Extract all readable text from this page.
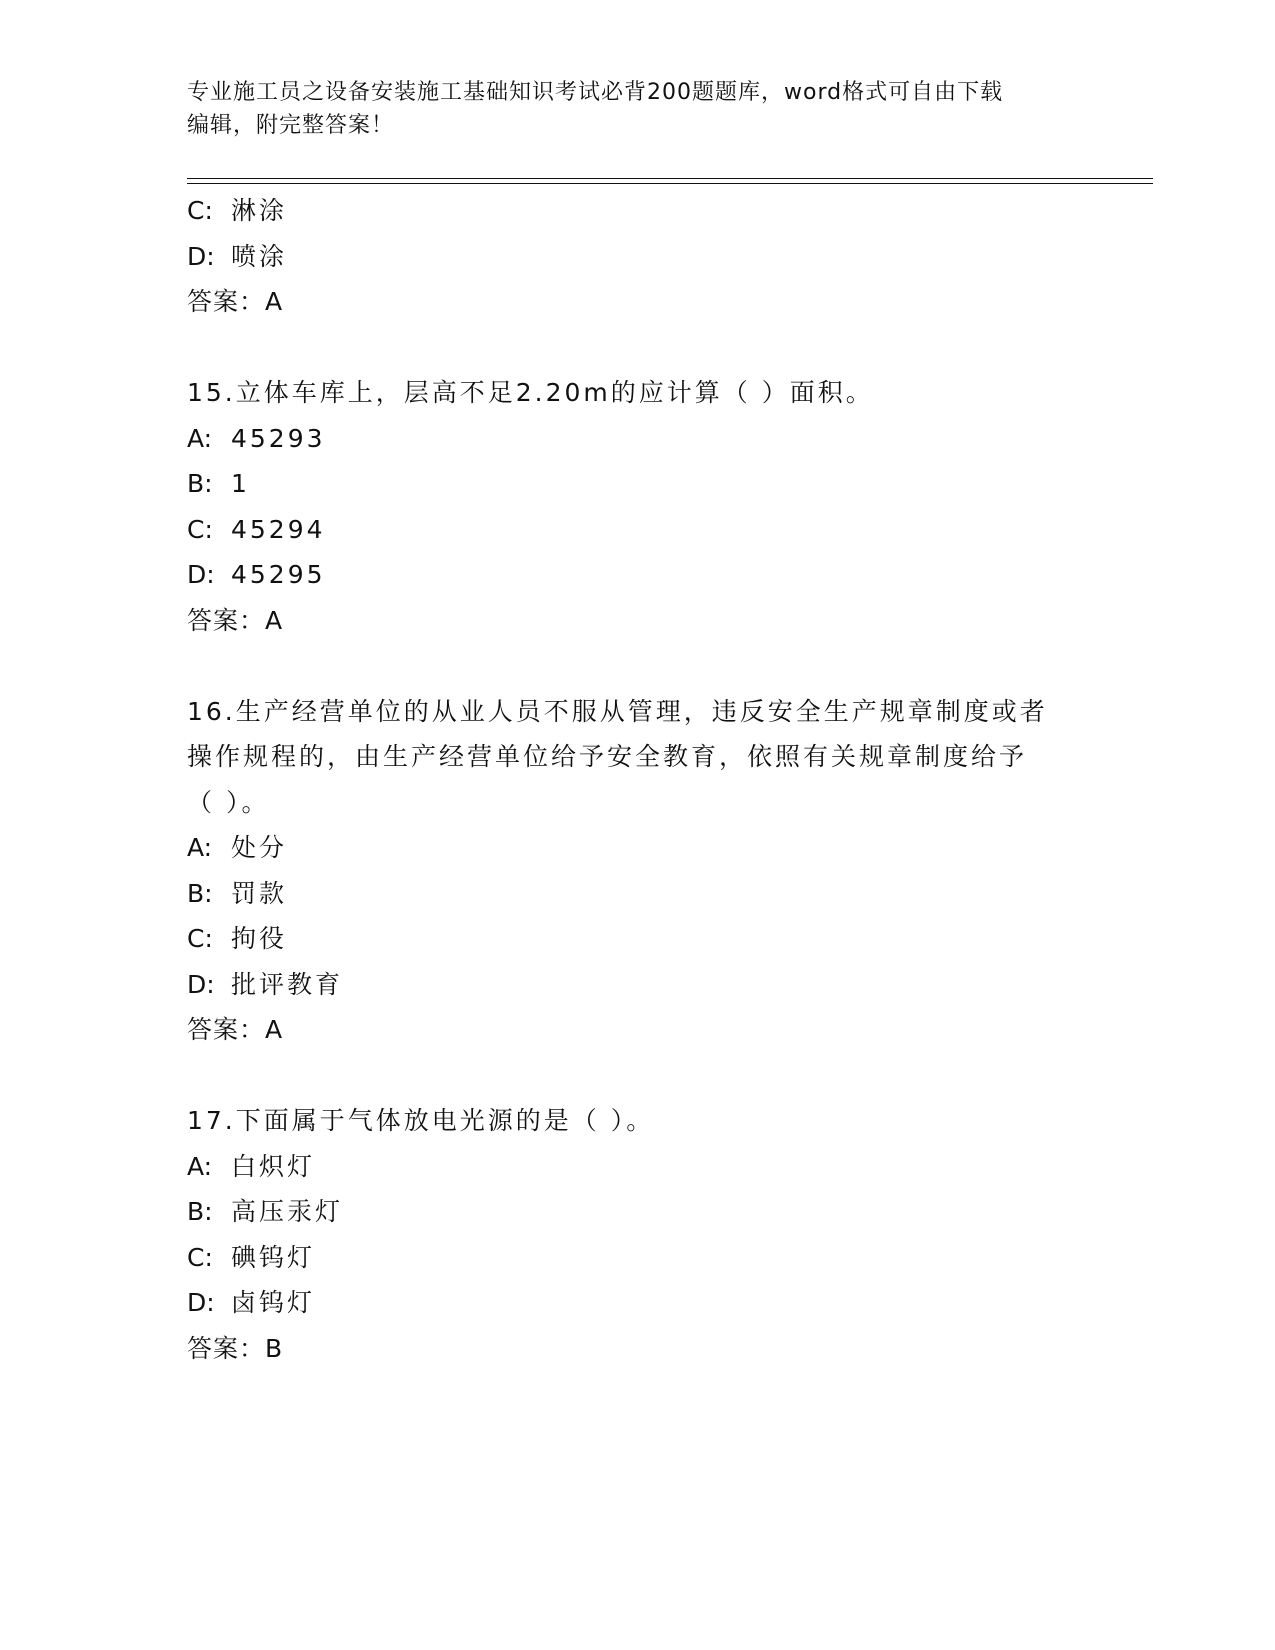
专业施工员之设备安装施工基础知识考试必背200题题库，word格式可自由下载
编辑，附完整答案！
C: 淋涂
D: 喷涂
答案：A
15.立体车库上，层高不足2.20m的应计算（ ）面积。
A: 45293
B: 1
C: 45294
D: 45295
答案：A
16.生产经营单位的从业人员不服从管理，违反安全生产规章制度或者
操作规程的，由生产经营单位给予安全教育，依照有关规章制度给予
（ ）。
A: 处分
B: 罚款
C: 拘役
D: 批评教育
答案：A
17.下面属于气体放电光源的是（ ）。
A: 白炽灯
B: 高压汞灯
C: 碘钨灯
D: 卤钨灯
答案：B
